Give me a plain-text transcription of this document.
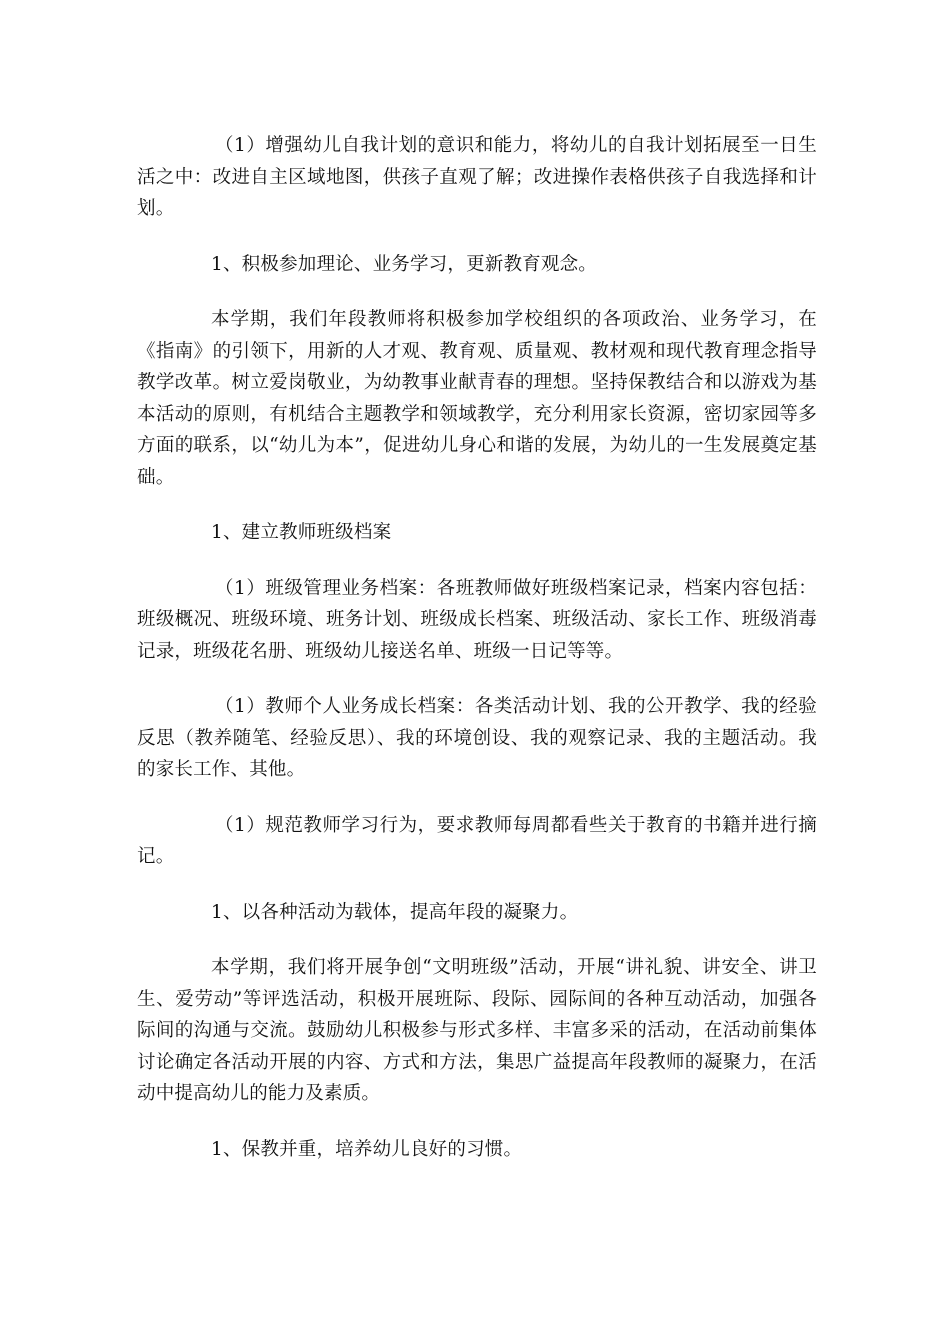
（1）增强幼儿自我计划的意识和能力，将幼儿的自我计划拓展至一日生活之中：改进自主区域地图，供孩子直观了解；改进操作表格供孩子自我选择和计划。

1、积极参加理论、业务学习，更新教育观念。

本学期，我们年段教师将积极参加学校组织的各项政治、业务学习，在《指南》的引领下，用新的人才观、教育观、质量观、教材观和现代教育理念指导教学改革。树立爱岗敬业，为幼教事业献青春的理想。坚持保教结合和以游戏为基本活动的原则，有机结合主题教学和领域教学，充分利用家长资源，密切家园等多方面的联系，以“幼儿为本”，促进幼儿身心和谐的发展，为幼儿的一生发展奠定基础。

1、建立教师班级档案

（1）班级管理业务档案：各班教师做好班级档案记录，档案内容包括：班级概况、班级环境、班务计划、班级成长档案、班级活动、家长工作、班级消毒记录，班级花名册、班级幼儿接送名单、班级一日记等等。

（1）教师个人业务成长档案：各类活动计划、我的公开教学、我的经验反思（教养随笔、经验反思）、我的环境创设、我的观察记录、我的主题活动。我的家长工作、其他。

（1）规范教师学习行为，要求教师每周都看些关于教育的书籍并进行摘记。

1、以各种活动为载体，提高年段的凝聚力。

本学期，我们将开展争创“文明班级”活动，开展“讲礼貌、讲安全、讲卫生、爱劳动”等评选活动，积极开展班际、段际、园际间的各种互动活动，加强各际间的沟通与交流。鼓励幼儿积极参与形式多样、丰富多采的活动，在活动前集体讨论确定各活动开展的内容、方式和方法，集思广益提高年段教师的凝聚力，在活动中提高幼儿的能力及素质。

1、保教并重，培养幼儿良好的习惯。
